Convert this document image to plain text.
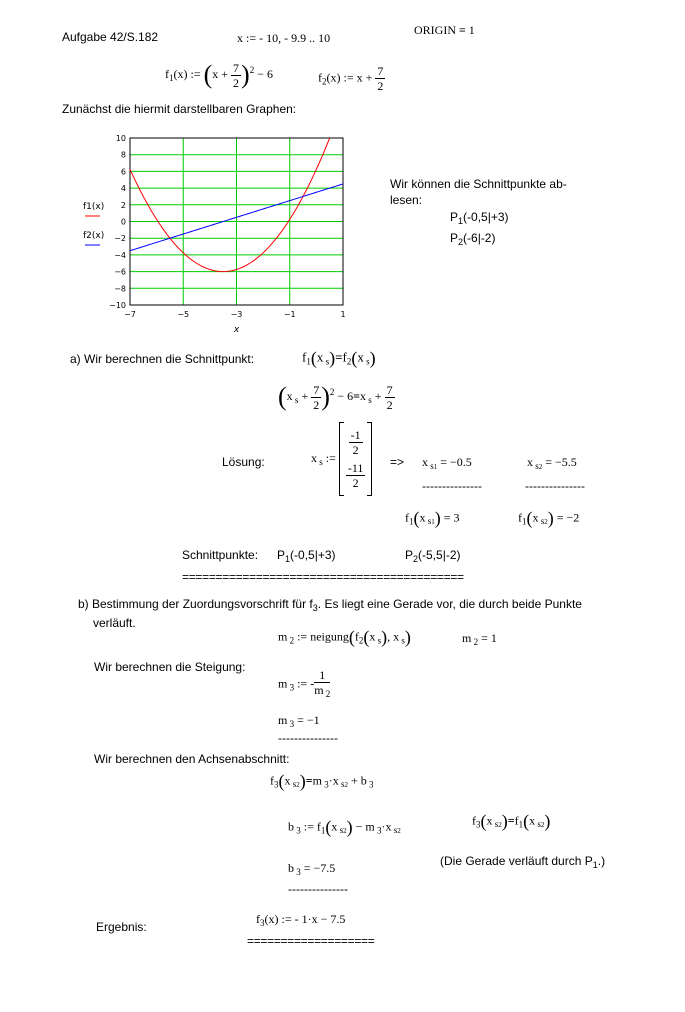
Aufgabe 42/S.182	x := - 10, - 9.9 .. 10
ORIGIN ≡ 1
$f_1(x)$ := $(x + \frac{7}{2} )^2 - 6$	$f_2(x)$ := $x + \frac{7}{2}$
Zunächst die hiermit darstellbaren Graphen:
10
8
6
4
2
0
−2
−4
−6
−8
−10
−7	−5	−3	−1	1
x
f1(x)
f2(x)
Wir können die Schnittpunkte ab-
lesen:
$P_1(-0,5|+3)$
$P_2(-6|-2)$
a) Wir berechnen die Schnittpunkt:	$f_1(x$ $_s)=f_2(x$ $_s$)
(x $_s + \frac{7}{2} )^2 - 6=x$ $_s + \frac{7}{2}$
Lösung:	x $_s$ :=
$\frac{-1}{2}$
$\frac{-11}{2} => x$ $_{s1}$ = −0.5	x $_{s2}$ = −5.5
---------------	---------------
$f_1(x$ $_{s1}$) = 3	$f_1(x$ $_{s2}$) = −2
Schnittpunkte: $P_1(-0,5|+3)$	$P_2(-5,5|-2)$
==========================================
b) Bestimmung der Zuordungsvorschrift für $f_3$. Es liegt eine Gerade vor, die durch beide Punkte
verläuft.
m $_2$ := $neigung(f_2(x$ $_s$), x $_s$)	m $_2$ = 1
Wir berechnen die Steigung:
m $_3$ := - $\frac{1}{m _2}$
m $_3$ = −1
---------------
Wir berechnen den Achsenabschnitt:
$f_3(x$ $_{s2}$)=m $_3$·x $_{s2}$ + b $_3$
b $_3$ := $f_1(x$ $_{s2}$) − m $_3$·x $_{s2}$
$f_3(x$ $_{s2})=f_1(x$ $_{s2}$)
(Die Gerade verläuft durch $P_1$.)
b $_3$ = −7.5
---------------
Ergebnis:
$f_3(x)$ := - 1·x − 7.5
===================
